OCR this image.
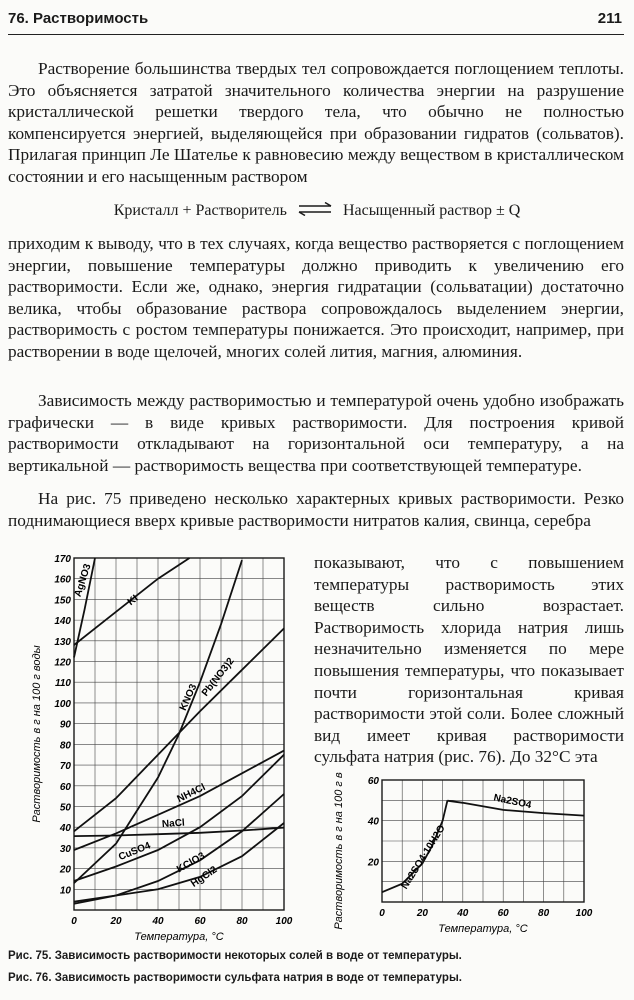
76. Растворимость	211

Растворение большинства твердых тел сопровождается поглощением теплоты. Это объясняется затратой значительного количества энергии на разрушение кристаллической решетки твердого тела, что обычно не полностью компенсируется энергией, выделяющейся при образовании гидратов (сольватов). Прилагая принцип Ле Шателье к равновесию между веществом в кристаллическом состоянии и его насыщенным раствором

Кристалл + Растворитель ⇌ Насыщенный раствор ± Q

приходим к выводу, что в тех случаях, когда вещество растворяется с поглощением энергии, повышение температуры должно приводить к увеличению его растворимости. Если же, однако, энергия гидратации (сольватации) достаточно велика, чтобы образование раствора сопровождалось выделением энергии, растворимость с ростом температуры понижается. Это происходит, например, при растворении в воде щелочей, многих солей лития, магния, алюминия.

Зависимость между растворимостью и температурой очень удобно изображать графически — в виде кривых растворимости. Для построения кривой растворимости откладывают на горизонтальной оси температуру, а на вертикальной — растворимость вещества при соответствующей температуре.

На рис. 75 приведено несколько характерных кривых растворимости. Резко поднимающиеся вверх кривые растворимости нитратов калия, свинца, серебра

показывают, что с повышением температуры растворимость этих веществ сильно возрастает. Растворимость хлорида натрия лишь незначительно изменяется по мере повышения температуры, что показывает почти горизонтальная кривая растворимости этой соли. Более сложный вид имеет кривая растворимости сульфата натрия (рис. 76). До 32°С эта

0	20	40	60	80	100
10
20
30
40
50
60
70
80
90
100
110
120
130
140
150
160
170
Температура, °С
Растворимость в г на 100 г воды
AgNO3
KI
KNO3 Pb(NO3)2
NH4Cl
NaCl
CuSO4 KClO3
HgCl2
0	20	40	60	80	100
20
40
60
Температура, °С
Растворимость в г на 100 г воды	Na2SO4·10H2O
Na2SO4
Рис. 75. Зависимость растворимости некоторых солей в воде от температуры.
Рис. 76. Зависимость растворимости сульфата натрия в воде от температуры.
